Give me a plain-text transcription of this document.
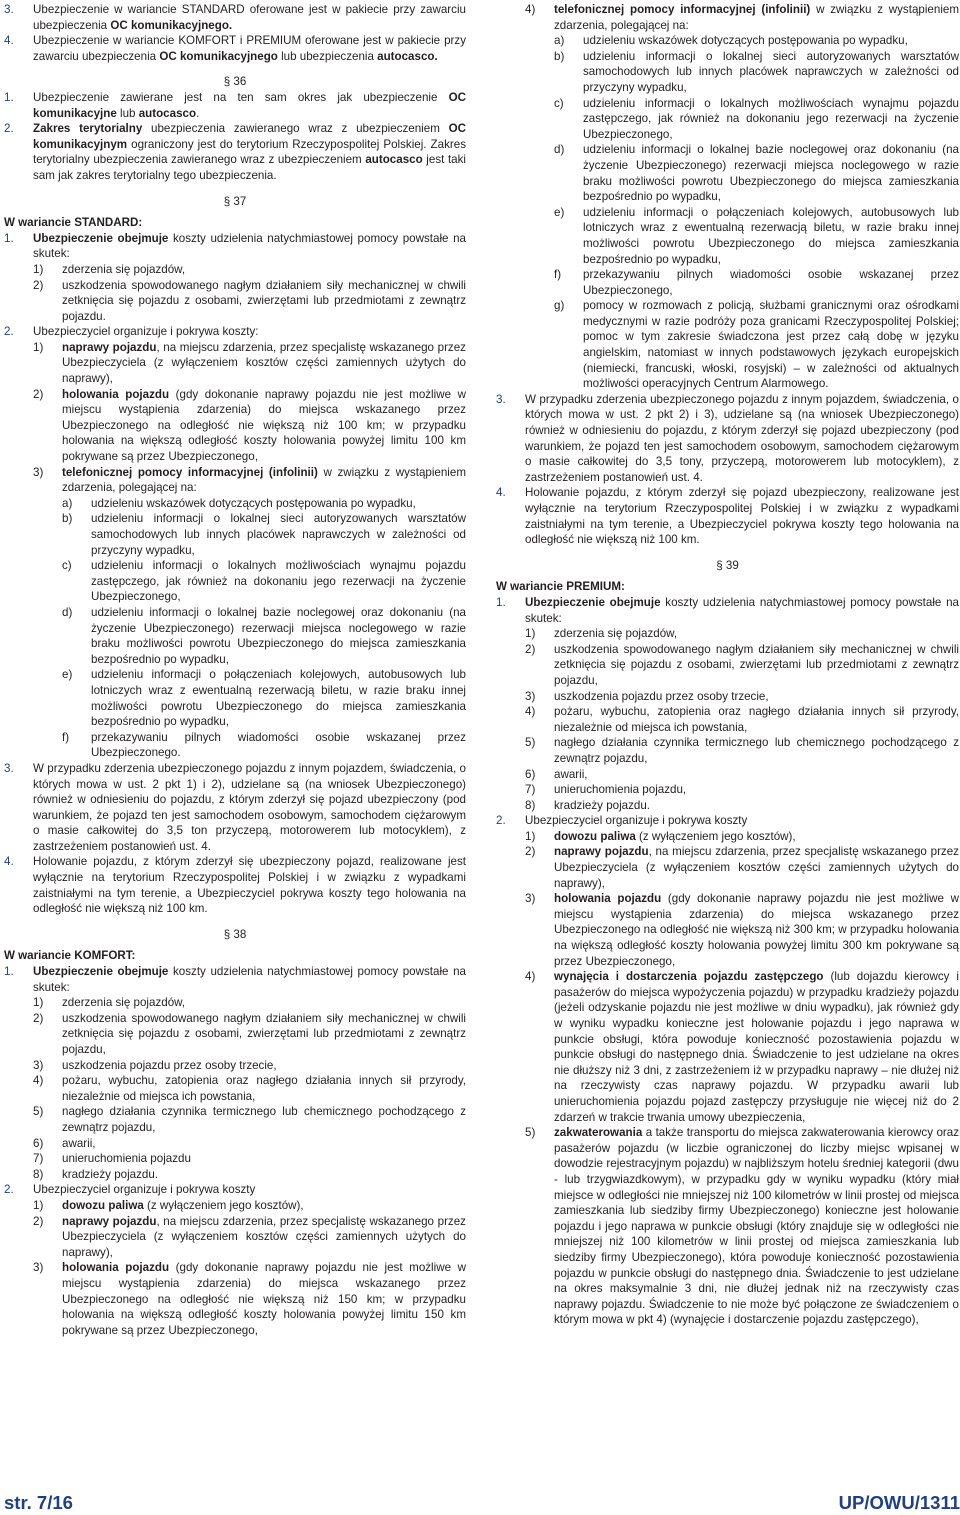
3.	Ubezpieczenie w wariancie STANDARD oferowane jest w pakiecie przy zawarciu ubezpieczenia OC komunikacyjnego.
4.	Ubezpieczenie w wariancie KOMFORT i PREMIUM oferowane jest w pakiecie przy zawarciu ubezpieczenia OC komunikacyjnego lub ubezpieczenia autocasco.
§ 36
1.	Ubezpieczenie zawierane jest na ten sam okres jak ubezpieczenie OC komunikacyjne lub autocasco.
2.	Zakres terytorialny ubezpieczenia zawieranego wraz z ubezpieczeniem OC komunikacyjnym ograniczony jest do terytorium Rzeczypospolitej Polskiej. Zakres terytorialny ubezpieczenia zawieranego wraz z ubezpieczeniem autocasco jest taki sam jak zakres terytorialny tego ubezpieczenia.
§ 37
W wariancie STANDARD:
1.	Ubezpieczenie obejmuje koszty udzielenia natychmiastowej pomocy powstałe na skutek:
1)	zderzenia się pojazdów,
2)	uszkodzenia spowodowanego nagłym działaniem siły mechanicznej w chwili zetknięcia się pojazdu z osobami, zwierzętami lub przedmiotami z zewnątrz pojazdu.
2.	Ubezpieczyciel organizuje i pokrywa koszty:
1)	naprawy pojazdu, na miejscu zdarzenia, przez specjalistę wskazanego przez Ubezpieczyciela (z wyłączeniem kosztów części zamiennych użytych do naprawy),
2)	holowania pojazdu (gdy dokonanie naprawy pojazdu nie jest możliwe w miejscu wystąpienia zdarzenia) do miejsca wskazanego przez Ubezpieczonego na odległość nie większą niż 100 km; w przypadku holowania na większą odległość koszty holowania powyżej limitu 100 km pokrywane są przez Ubezpieczonego,
3)	telefonicznej pomocy informacyjnej (infolinii) w związku z wystąpieniem zdarzenia, polegającej na:
a)	udzieleniu wskazówek dotyczących postępowania po wypadku,
b)	udzieleniu informacji o lokalnej sieci autoryzowanych warsztatów samochodowych lub innych placówek naprawczych w zależności od przyczyny wypadku,
c)	udzieleniu informacji o lokalnych możliwościach wynajmu pojazdu zastępczego, jak również na dokonaniu jego rezerwacji na życzenie Ubezpieczonego,
d)	udzieleniu informacji o lokalnej bazie noclegowej oraz dokonaniu (na życzenie Ubezpieczonego) rezerwacji miejsca noclegowego w razie braku możliwości powrotu Ubezpieczonego do miejsca zamieszkania bezpośrednio po wypadku,
e)	udzieleniu informacji o połączeniach kolejowych, autobusowych lub lotniczych wraz z ewentualną rezerwacją biletu, w razie braku innej możliwości powrotu Ubezpieczonego do miejsca zamieszkania bezpośrednio po wypadku,
f)	przekazywaniu pilnych wiadomości osobie wskazanej przez Ubezpieczonego.
3.	W przypadku zderzenia ubezpieczonego pojazdu z innym pojazdem, świadczenia, o których mowa w ust. 2 pkt 1) i 2), udzielane są (na wniosek Ubezpieczonego) również w odniesieniu do pojazdu, z którym zderzył się pojazd ubezpieczony (pod warunkiem, że pojazd ten jest samochodem osobowym, samochodem ciężarowym o masie całkowitej do 3,5 ton przyczepą, motorowerem lub motocyklem), z zastrzeżeniem postanowień ust. 4.
4.	Holowanie pojazdu, z którym zderzył się ubezpieczony pojazd, realizowane jest wyłącznie na terytorium Rzeczypospolitej Polskiej i w związku z wypadkami zaistniałymi na tym terenie, a Ubezpieczyciel pokrywa koszty tego holowania na odległość nie większą niż 100 km.
§ 38
W wariancie KOMFORT:
1.	Ubezpieczenie obejmuje koszty udzielenia natychmiastowej pomocy powstałe na skutek:
1)	zderzenia się pojazdów,
2)	uszkodzenia spowodowanego nagłym działaniem siły mechanicznej w chwili zetknięcia się pojazdu z osobami, zwierzętami lub przedmiotami z zewnątrz pojazdu,
3)	uszkodzenia pojazdu przez osoby trzecie,
4)	pożaru, wybuchu, zatopienia oraz nagłego działania innych sił przyrody, niezależnie od miejsca ich powstania,
5)	nagłego działania czynnika termicznego lub chemicznego pochodzącego z zewnątrz pojazdu,
6)	awarii,
7)	unieruchomienia pojazdu
8)	kradzieży pojazdu.
2.	Ubezpieczyciel organizuje i pokrywa koszty
1)	dowozu paliwa (z wyłączeniem jego kosztów),
2)	naprawy pojazdu, na miejscu zdarzenia, przez specjalistę wskazanego przez Ubezpieczyciela (z wyłączeniem kosztów części zamiennych użytych do naprawy),
3)	holowania pojazdu (gdy dokonanie naprawy pojazdu nie jest możliwe w miejscu wystąpienia zdarzenia) do miejsca wskazanego przez Ubezpieczonego na odległość nie większą niż 150 km; w przypadku holowania na większą odległość koszty holowania powyżej limitu 150 km pokrywane są przez Ubezpieczonego,
4)	telefonicznej pomocy informacyjnej (infolinii) w związku z wystąpieniem zdarzenia, polegającej na:
a)	udzieleniu wskazówek dotyczących postępowania po wypadku,
b)	udzieleniu informacji o lokalnej sieci autoryzowanych warsztatów samochodowych lub innych placówek naprawczych w zależności od przyczyny wypadku,
c)	udzieleniu informacji o lokalnych możliwościach wynajmu pojazdu zastępczego, jak również na dokonaniu jego rezerwacji na życzenie Ubezpieczonego,
d)	udzieleniu informacji o lokalnej bazie noclegowej oraz dokonaniu (na życzenie Ubezpieczonego) rezerwacji miejsca noclegowego w razie braku możliwości powrotu Ubezpieczonego do miejsca zamieszkania bezpośrednio po wypadku,
e)	udzieleniu informacji o połączeniach kolejowych, autobusowych lub lotniczych wraz z ewentualną rezerwacją biletu, w razie braku innej możliwości powrotu Ubezpieczonego do miejsca zamieszkania bezpośrednio po wypadku,
f)	przekazywaniu pilnych wiadomości osobie wskazanej przez Ubezpieczonego,
g)	pomocy w rozmowach z policją, służbami granicznymi oraz ośrodkami medycznymi w razie podróży poza granicami Rzeczypospolitej Polskiej; pomoc w tym zakresie świadczona jest przez całą dobę w języku angielskim, natomiast w innych podstawowych językach europejskich (niemiecki, francuski, włoski, rosyjski) – w zależności od aktualnych możliwości operacyjnych Centrum Alarmowego.
3.	W przypadku zderzenia ubezpieczonego pojazdu z innym pojazdem, świadczenia, o których mowa w ust. 2 pkt 2) i 3), udzielane są (na wniosek Ubezpieczonego) również w odniesieniu do pojazdu, z którym zderzył się pojazd ubezpieczony (pod warunkiem, że pojazd ten jest samochodem osobowym, samochodem ciężarowym o masie całkowitej do 3,5 tony, przyczepą, motorowerem lub motocyklem), z zastrzeżeniem postanowień ust. 4.
4.	Holowanie pojazdu, z którym zderzył się pojazd ubezpieczony, realizowane jest wyłącznie na terytorium Rzeczypospolitej Polskiej i w związku z wypadkami zaistniałymi na tym terenie, a Ubezpieczyciel pokrywa koszty tego holowania na odległość nie większą niż 100 km.
§ 39
W wariancie PREMIUM:
1.	Ubezpieczenie obejmuje koszty udzielenia natychmiastowej pomocy powstałe na skutek:
1)	zderzenia się pojazdów,
2)	uszkodzenia spowodowanego nagłym działaniem siły mechanicznej w chwili zetknięcia się pojazdu z osobami, zwierzętami lub przedmiotami z zewnątrz pojazdu,
3)	uszkodzenia pojazdu przez osoby trzecie,
4)	pożaru, wybuchu, zatopienia oraz nagłego działania innych sił przyrody, niezależnie od miejsca ich powstania,
5)	nagłego działania czynnika termicznego lub chemicznego pochodzącego z zewnątrz pojazdu,
6)	awarii,
7)	unieruchomienia pojazdu,
8)	kradzieży pojazdu.
2.	Ubezpieczyciel organizuje i pokrywa koszty
1)	dowozu paliwa (z wyłączeniem jego kosztów),
2)	naprawy pojazdu, na miejscu zdarzenia, przez specjalistę wskazanego przez Ubezpieczyciela (z wyłączeniem kosztów części zamiennych użytych do naprawy),
3)	holowania pojazdu (gdy dokonanie naprawy pojazdu nie jest możliwe w miejscu wystąpienia zdarzenia) do miejsca wskazanego przez Ubezpieczonego na odległość nie większą niż 300 km; w przypadku holowania na większą odległość koszty holowania powyżej limitu 300 km pokrywane są przez Ubezpieczonego,
4)	wynajęcia i dostarczenia pojazdu zastępczego (lub dojazdu kierowcy i pasażerów do miejsca wypożyczenia pojazdu) w przypadku kradzieży pojazdu (jeżeli odzyskanie pojazdu nie jest możliwe w dniu wypadku), jak również gdy w wyniku wypadku konieczne jest holowanie pojazdu i jego naprawa w punkcie obsługi, która powoduje konieczność pozostawienia pojazdu w punkcie obsługi do następnego dnia. Świadczenie to jest udzielane na okres nie dłuższy niż 3 dni, z zastrzeżeniem iż w przypadku naprawy – nie dłużej niż na rzeczywisty czas naprawy pojazdu. W przypadku awarii lub unieruchomienia pojazdu pojazd zastępczy przysługuje nie więcej niż do 2 zdarzeń w trakcie trwania umowy ubezpieczenia,
5)	zakwaterowania a także transportu do miejsca zakwaterowania kierowcy oraz pasażerów pojazdu (w liczbie ograniczonej do liczby miejsc wpisanej w dowodzie rejestracyjnym pojazdu) w najbliższym hotelu średniej kategorii (dwu - lub trzygwiazdkowym), w przypadku gdy w wyniku wypadku (który miał miejsce w odległości nie mniejszej niż 100 kilometrów w linii prostej od miejsca zamieszkania lub siedziby firmy Ubezpieczonego) konieczne jest holowanie pojazdu i jego naprawa w punkcie obsługi (który znajduje się w odległości nie mniejszej niż 100 kilometrów w linii prostej od miejsca zamieszkania lub siedziby firmy Ubezpieczonego), która powoduje konieczność pozostawienia pojazdu w punkcie obsługi do następnego dnia. Świadczenie to jest udzielane na okres maksymalnie 3 dni, nie dłużej jednak niż na rzeczywisty czas naprawy pojazdu. Świadczenie to nie może być połączone ze świadczeniem o którym mowa w pkt 4) (wynajęcie i dostarczenie pojazdu zastępczego),
str. 7/16	UP/OWU/1311
